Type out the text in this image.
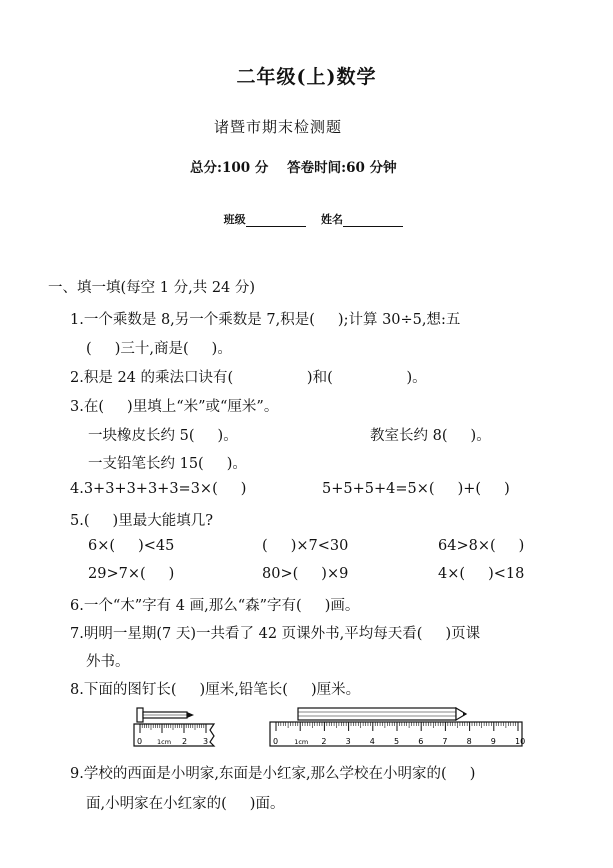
二年级(上)数学
诸暨市期末检测题
总分:100 分    答卷时间:60 分钟

班级	姓名

一、填一填(每空 1 分,共 24 分)
1.一个乘数是 8,另一个乘数是 7,积是(     );计算 30÷5,想:五
(     )三十,商是(     )。
2.积是 24 的乘法口诀有(                )和(                )。
3.在(     )里填上“米”或“厘米”。
一块橡皮长约 5(     )。	教室长约 8(     )。
一支铅笔长约 15(     )。
4.3+3+3+3+3=3×(     )	5+5+5+4=5×(     )+(     )
5.(     )里最大能填几?
6×(     )<45	(     )×7<30	64>8×(     )
29>7×(     )	80>(     )×9	4×(     )<18
6.一个“木”字有 4 画,那么“森”字有(     )画。
7.明明一星期(7 天)一共看了 42 页课外书,平均每天看(     )页课
外书。
8.下面的图钉长(     )厘米,铅笔长(     )厘米。
0 1cm 2 3	0 1cm 2 3 4 5 6 7 8 9 10
9.学校的西面是小明家,东面是小红家,那么学校在小明家的(     )
面,小明家在小红家的(     )面。
